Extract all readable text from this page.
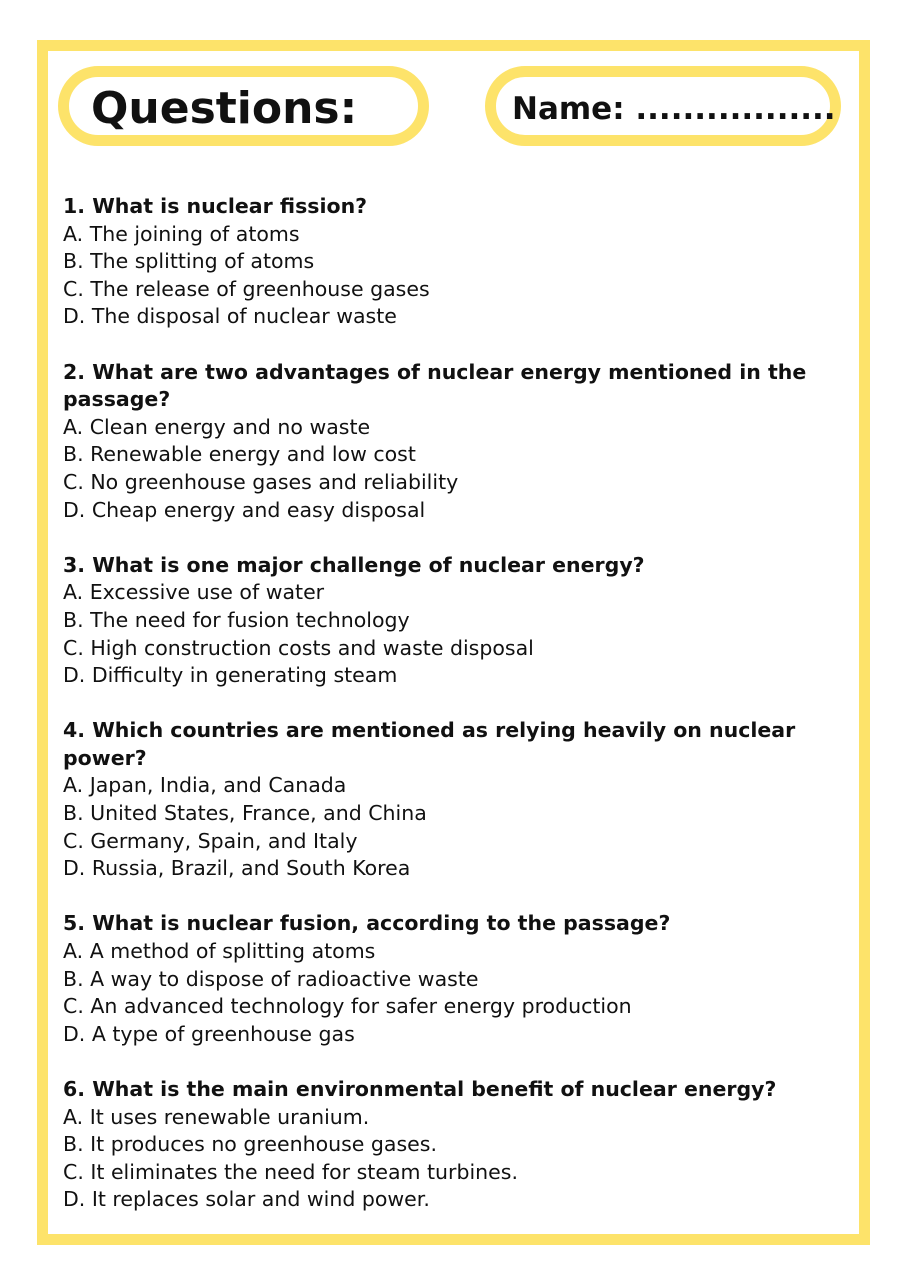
Questions:	Name: .................
1. What is nuclear fission?
A. The joining of atoms
B. The splitting of atoms
C. The release of greenhouse gases
D. The disposal of nuclear waste
2. What are two advantages of nuclear energy mentioned in the passage?
A. Clean energy and no waste
B. Renewable energy and low cost
C. No greenhouse gases and reliability
D. Cheap energy and easy disposal
3. What is one major challenge of nuclear energy?
A. Excessive use of water
B. The need for fusion technology
C. High construction costs and waste disposal
D. Difficulty in generating steam
4. Which countries are mentioned as relying heavily on nuclear power?
A. Japan, India, and Canada
B. United States, France, and China
C. Germany, Spain, and Italy
D. Russia, Brazil, and South Korea
5. What is nuclear fusion, according to the passage?
A. A method of splitting atoms
B. A way to dispose of radioactive waste
C. An advanced technology for safer energy production
D. A type of greenhouse gas
6. What is the main environmental benefit of nuclear energy?
A. It uses renewable uranium.
B. It produces no greenhouse gases.
C. It eliminates the need for steam turbines.
D. It replaces solar and wind power.
